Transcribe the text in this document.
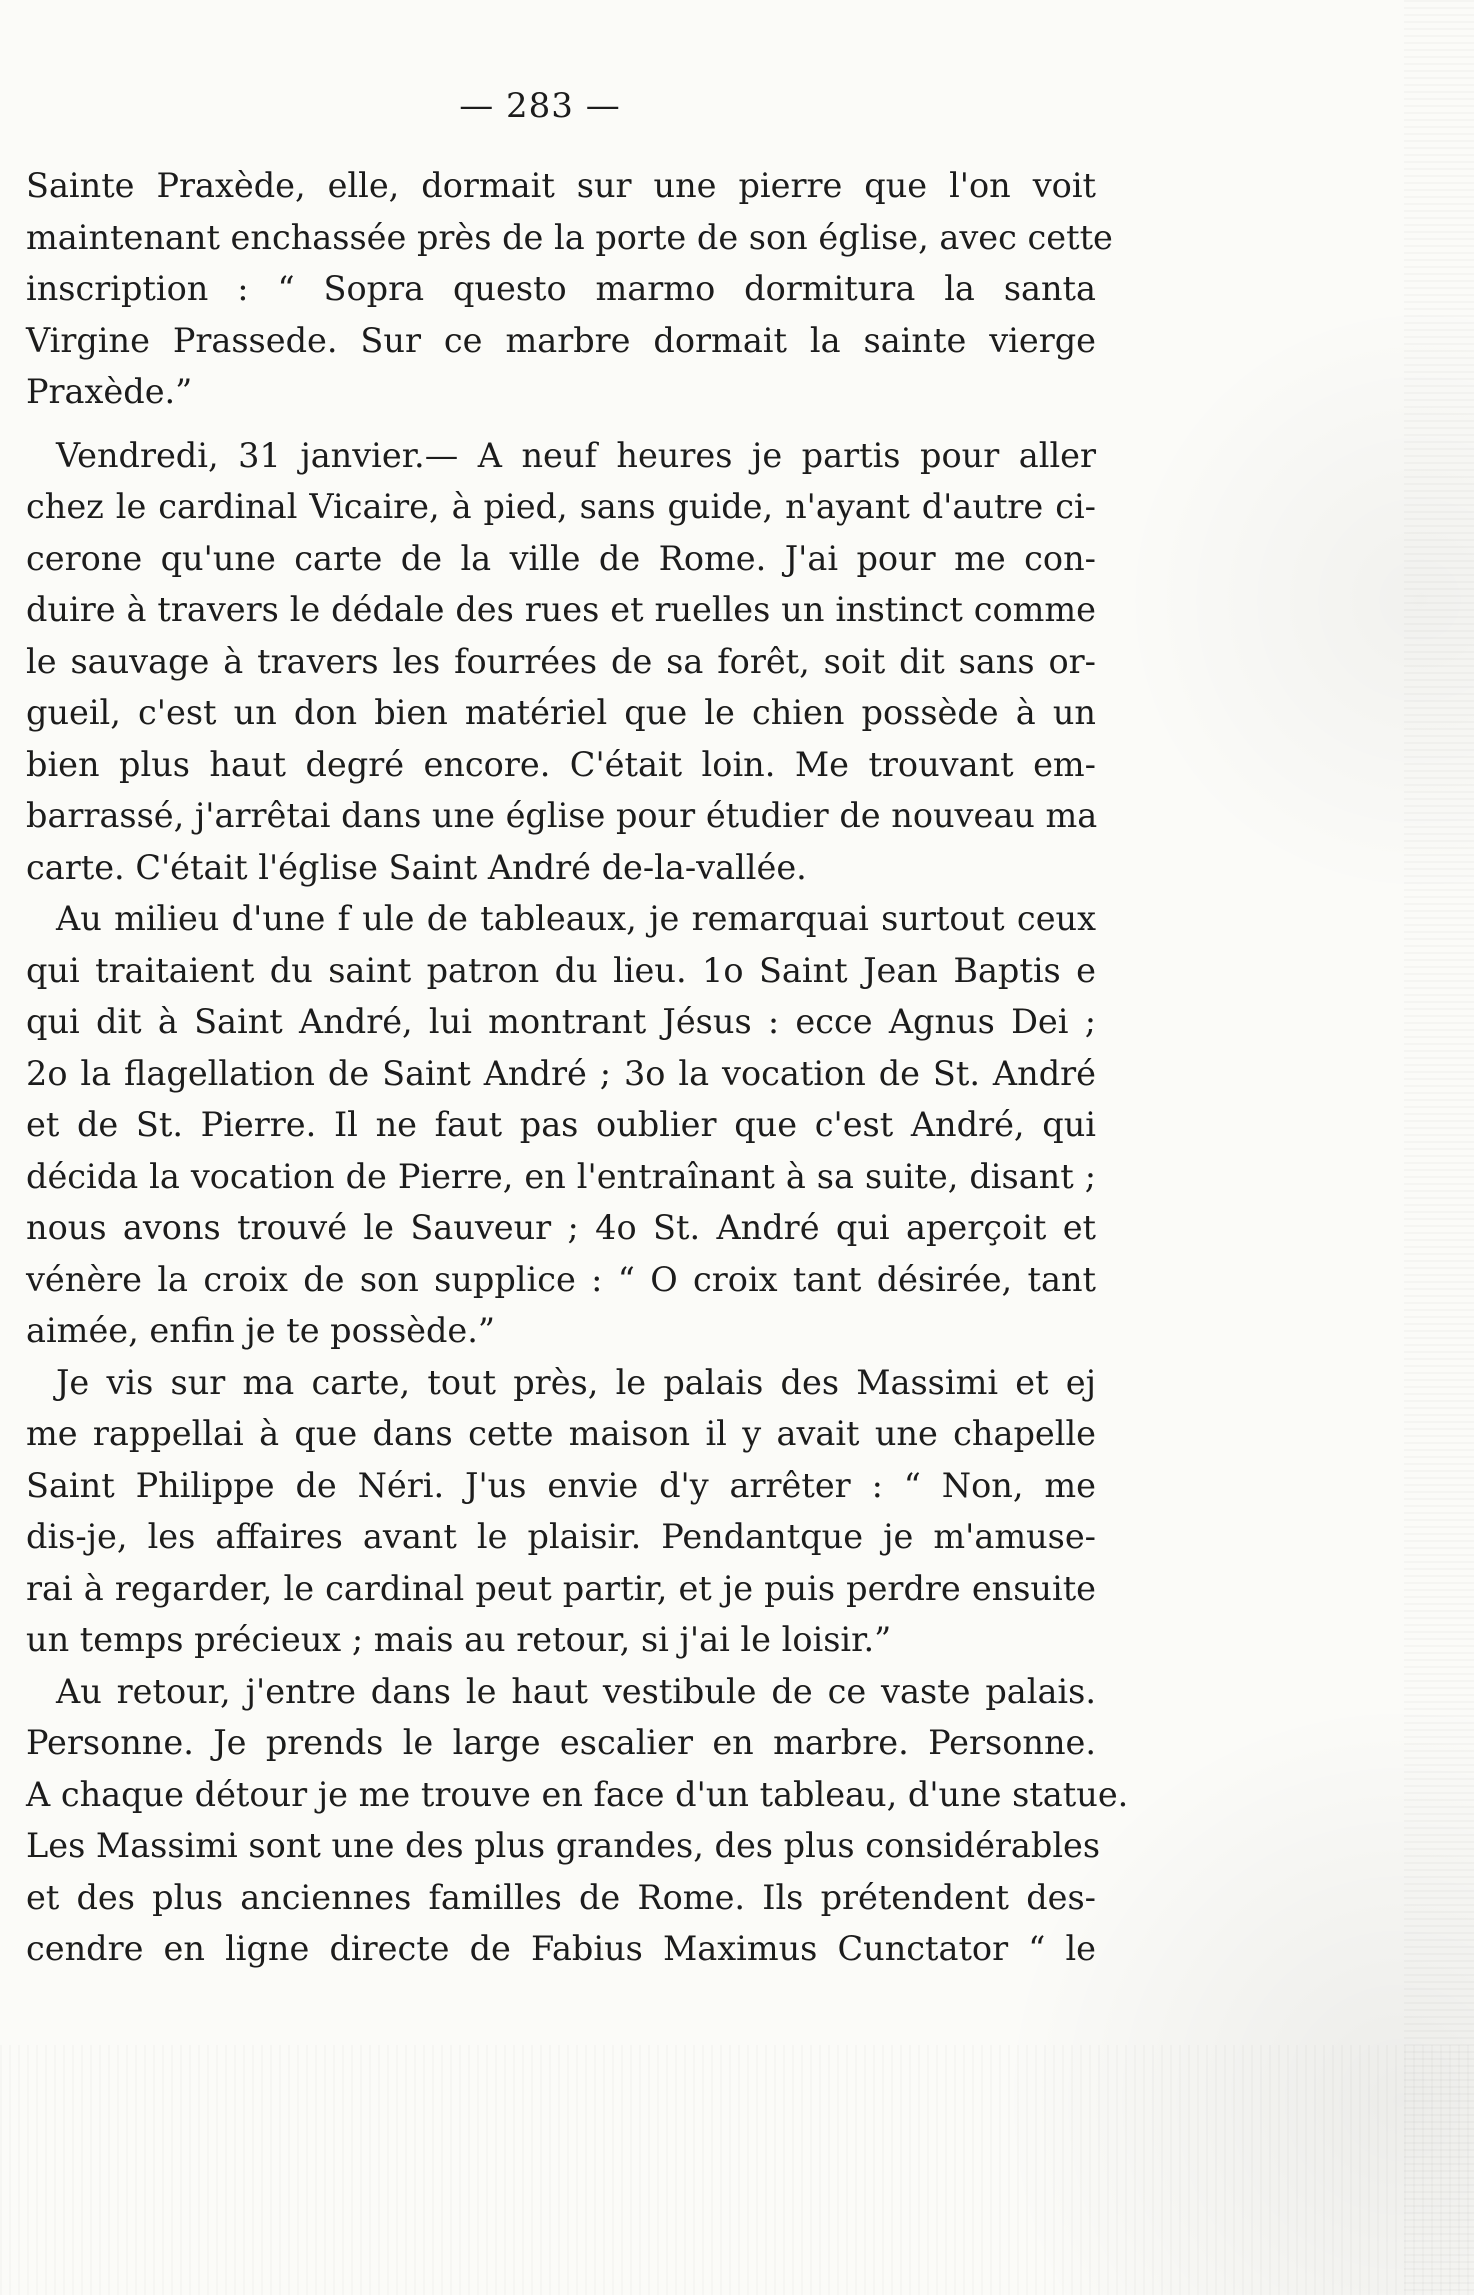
— 283 —
Sainte Praxède, elle, dormait sur une pierre que l'on voit
maintenant enchassée près de la porte de son église, avec cette
inscription : “ Sopra questo marmo dormitura la santa
Virgine Prassede. Sur ce marbre dormait la sainte vierge
Praxède.”
Vendredi, 31 janvier.— A neuf heures je partis pour aller
chez le cardinal Vicaire, à pied, sans guide, n'ayant d'autre ci-
cerone qu'une carte de la ville de Rome. J'ai pour me con-
duire à travers le dédale des rues et ruelles un instinct comme
le sauvage à travers les fourrées de sa forêt, soit dit sans or-
gueil, c'est un don bien matériel que le chien possède à un
bien plus haut degré encore. C'était loin. Me trouvant em-
barrassé, j'arrêtai dans une église pour étudier de nouveau ma
carte. C'était l'église Saint André de-la-vallée.
Au milieu d'une f ule de tableaux, je remarquai surtout ceux
qui traitaient du saint patron du lieu. 1o Saint Jean Baptis e
qui dit à Saint André, lui montrant Jésus : ecce Agnus Dei ;
2o la flagellation de Saint André ; 3o la vocation de St. André
et de St. Pierre. Il ne faut pas oublier que c'est André, qui
décida la vocation de Pierre, en l'entraînant à sa suite, disant ;
nous avons trouvé le Sauveur ; 4o St. André qui aperçoit et
vénère la croix de son supplice : “ O croix tant désirée, tant
aimée, enfin je te possède.”
Je vis sur ma carte, tout près, le palais des Massimi et ej
me rappellai à que dans cette maison il y avait une chapelle
Saint Philippe de Néri. J'us envie d'y arrêter : “ Non, me
dis-je, les affaires avant le plaisir. Pendantque je m'amuse-
rai à regarder, le cardinal peut partir, et je puis perdre ensuite
un temps précieux ; mais au retour, si j'ai le loisir.”
Au retour, j'entre dans le haut vestibule de ce vaste palais.
Personne. Je prends le large escalier en marbre. Personne.
A chaque détour je me trouve en face d'un tableau, d'une statue.
Les Massimi sont une des plus grandes, des plus considérables
et des plus anciennes familles de Rome. Ils prétendent des-
cendre en ligne directe de Fabius Maximus Cunctator “ le
